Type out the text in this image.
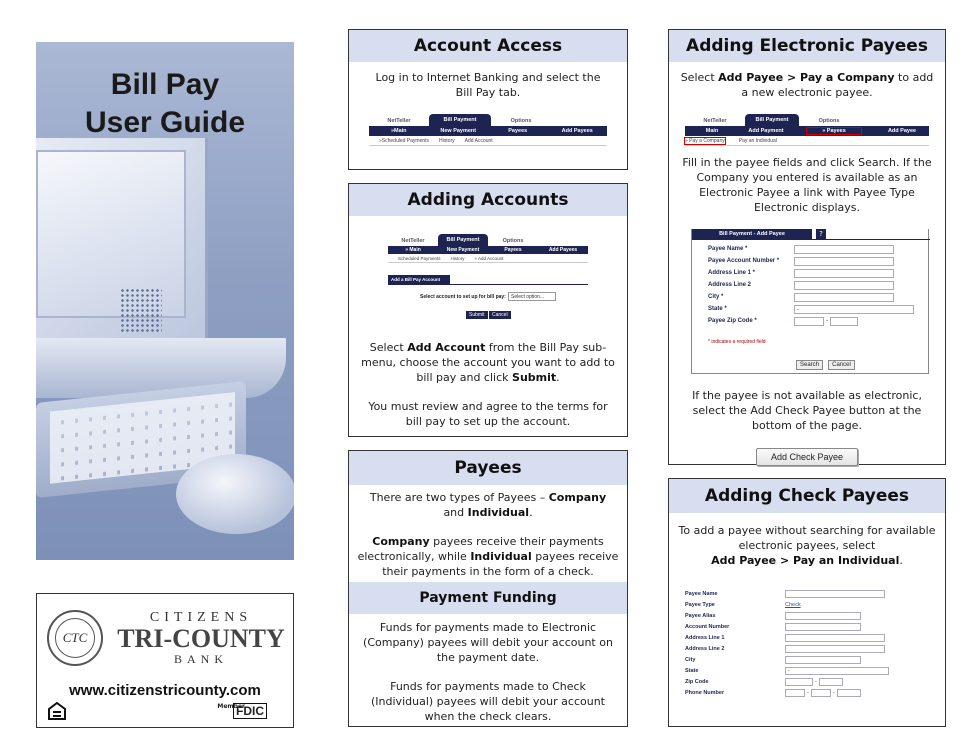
Bill Pay
User Guide
CTC
CITIZENS
TRI-COUNTY
BANK
www.citizenstricounty.com
Member
FDIC
Account Access
Log in to Internet Banking and select the Bill Pay tab.
NetTeller	Bill Payment	Options
»Main	New Payment	Payees	Add Payees
»Scheduled Payments History Add Account
Adding Accounts
NetTeller	Bill Payment	Options
» Main	New Payment	Payees	Add Payees
Scheduled Payments History » Add Account
Add a Bill Pay Account
Select account to set up for bill pay:	Select option...
Submit	Cancel
Select Add Account from the Bill Pay sub-menu, choose the account you want to add to bill pay and click Submit.
You must review and agree to the terms for bill pay to set up the account.
Payees
There are two types of Payees – Company and Individual.
Company payees receive their payments electronically, while Individual payees receive their payments in the form of a check.
Payment Funding
Funds for payments made to Electronic (Company) payees will debit your account on the payment date.
Funds for payments made to Check (Individual) payees will debit your account when the check clears.
Adding Electronic Payees
Select Add Payee > Pay a Company to add a new electronic payee.
NetTeller	Bill Payment	Options
Main	Add Payment	» Payees	Add Payee
» Pay a Company	Pay an Individual
Fill in the payee fields and click Search. If the Company you entered is available as an Electronic Payee a link with Payee Type Electronic displays.
Bill Payment - Add Payee	?
Payee Name *
Payee Account Number *
Address Line 1 *
Address Line 2
City *
State *	-
Payee Zip Code *	-
* indicates a required field
Search Cancel
If the payee is not available as electronic, select the Add Check Payee button at the bottom of the page.
Add Check Payee
Adding Check Payees
To add a payee without searching for available electronic payees, select
Add Payee > Pay an Individual.
Payee Name
Payee Type	Check
Payee Alias
Account Number
Address Line 1
Address Line 2
City
State	-
Zip Code	-
Phone Number	-	-
